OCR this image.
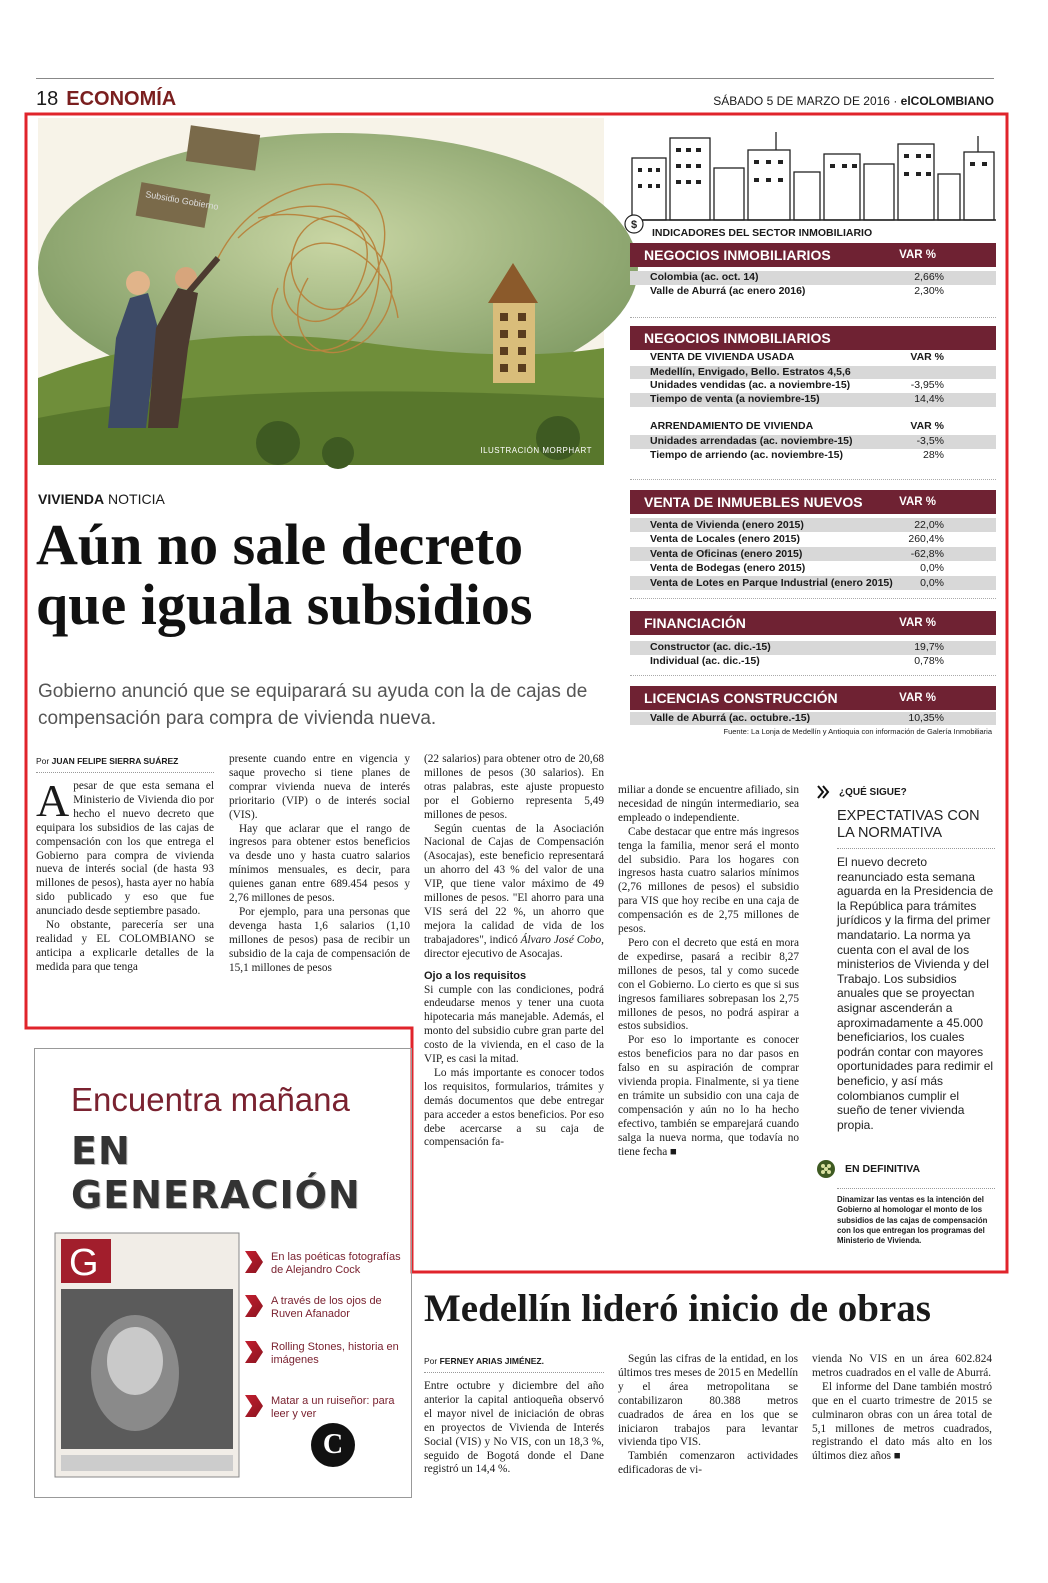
18 ECONOMÍA	SÁBADO 5 DE MARZO DE 2016 · elCOLOMBIANO
Subsidio Gobierno
ILUSTRACIÓN MORPHART
VIVIENDA NOTICIA
Aún no sale decreto que iguala subsidios
Gobierno anunció que se equiparará su ayuda con la de cajas de compensación para compra de vivienda nueva.
Por JUAN FELIPE SIERRA SUÁREZ

Apesar de que esta semana el Ministerio de Vivienda dio por hecho el nuevo decreto que equipara los subsidios de las cajas de compensación con los que entrega el Gobierno para compra de vivienda nueva de interés social (de hasta 93 millones de pesos), hasta ayer no había sido publicado y eso que fue anunciado desde septiembre pasado.

No obstante, parecería ser una realidad y EL COLOMBIANO se anticipa a explicarle detalles de la medida para que tenga

presente cuando entre en vigencia y saque provecho si tiene planes de comprar vivienda nueva de interés prioritario (VIP) o de interés social (VIS).

Hay que aclarar que el rango de ingresos para obtener estos beneficios va desde uno y hasta cuatro salarios mínimos mensuales, es decir, para quienes ganan entre 689.454 pesos y 2,76 millones de pesos.

Por ejemplo, para una personas que devenga hasta 1,6 salarios (1,10 millones de pesos) pasa de recibir un subsidio de la caja de compensación de 15,1 millones de pesos

(22 salarios) para obtener otro de 20,68 millones de pesos (30 salarios). En otras palabras, este ajuste propuesto por el Gobierno representa 5,49 millones de pesos.

Según cuentas de la Asociación Nacional de Cajas de Compensación (Asocajas), este beneficio representará un ahorro del 43 % del valor de una VIP, que tiene valor máximo de 49 millones de pesos. "El ahorro para una VIS será del 22 %, un ahorro que mejora la calidad de vida de los trabajadores", indicó Álvaro José Cobo, director ejecutivo de Asocajas.

Ojo a los requisitos

Si cumple con las condiciones, podrá endeudarse menos y tener una cuota hipotecaria más manejable. Además, el monto del subsidio cubre gran parte del costo de la vivienda, en el caso de la VIP, es casi la mitad.

Lo más importante es conocer todos los requisitos, formularios, trámites y demás documentos que debe entregar para acceder a estos beneficios. Por eso debe acercarse a su caja de compensación fa-

miliar a donde se encuentre afiliado, sin necesidad de ningún intermediario, sea empleado o independiente.

Cabe destacar que entre más ingresos tenga la familia, menor será el monto del subsidio. Para los hogares con ingresos hasta cuatro salarios mínimos (2,76 millones de pesos) el subsidio para VIS que hoy recibe en una caja de compensación es de 2,75 millones de pesos.

Pero con el decreto que está en mora de expedirse, pasará a recibir 8,27 millones de pesos, tal y como sucede con el Gobierno. Lo cierto es que si sus ingresos familiares sobrepasan los 2,75 millones de pesos, no podrá aspirar a estos subsidios.

Por eso lo importante es conocer estos beneficios para no dar pasos en falso en su aspiración de comprar vivienda propia. Finalmente, si ya tiene en trámite un subsidio con una caja de compensación y aún no lo ha hecho efectivo, también se emparejará cuando salga la nueva norma, que todavía no tiene fecha ■

$
INDICADORES DEL SECTOR INMOBILIARIO
NEGOCIOS INMOBILIARIOS	VAR %
Colombia (ac. oct. 14)	2,66%
Valle de Aburrá (ac enero 2016)	2,30%
NEGOCIOS INMOBILIARIOS
VENTA DE VIVIENDA USADA	VAR %
Medellín, Envigado, Bello. Estratos 4,5,6
Unidades vendidas (ac. a noviembre-15)	-3,95%
Tiempo de venta (a noviembre-15)	14,4%
ARRENDAMIENTO DE VIVIENDA	VAR %
Unidades arrendadas (ac. noviembre-15)	-3,5%
Tiempo de arriendo (ac. noviembre-15)	28%
VENTA DE INMUEBLES NUEVOS	VAR %
Venta de Vivienda (enero 2015)	22,0%
Venta de Locales (enero 2015)	260,4%
Venta de Oficinas (enero 2015)	-62,8%
Venta de Bodegas (enero 2015)	0,0%
Venta de Lotes en Parque Industrial (enero 2015)	0,0%
FINANCIACIÓN	VAR %
Constructor (ac. dic.-15)	19,7%
Individual (ac. dic.-15)	0,78%
LICENCIAS CONSTRUCCIÓN	VAR %
Valle de Aburrá (ac. octubre.-15)	10,35%
Fuente: La Lonja de Medellín y Antioquia con información de Galería Inmobiliaria
¿QUÉ SIGUE?
EXPECTATIVAS CON LA NORMATIVA
El nuevo decreto reanunciado esta semana aguarda en la Presidencia de la República para trámites jurídicos y la firma del primer mandatario. La norma ya cuenta con el aval de los ministerios de Vivienda y del Trabajo. Los subsidios anuales que se proyectan asignar ascenderán a aproximadamente a 45.000 beneficiarios, los cuales podrán contar con mayores oportunidades para redimir el beneficio, y así más colombianos cumplir el sueño de tener vivienda propia.
EN DEFINITIVA
Dinamizar las ventas es la intención del Gobierno al homologar el monto de los subsidios de las cajas de compensación con los que entregan los programas del Ministerio de Vivienda.
Encuentra mañana
EN GENERACIÓN
G	En las poéticas fotografías de Alejandro Cock
A través de los ojos de Ruven Afanador
Rolling Stones, historia en imágenes
Matar a un ruiseñor: para leer y ver
C
Medellín lideró inicio de obras
Por FERNEY ARIAS JIMÉNEZ.

Entre octubre y diciembre del año anterior la capital antioqueña observó el mayor nivel de iniciación de obras en proyectos de Vivienda de Interés Social (VIS) y No VIS, con un 18,3 %, seguido de Bogotá donde el Dane registró un 14,4 %.

Según las cifras de la entidad, en los últimos tres meses de 2015 en Medellín y el área metropolitana se contabilizaron 80.388 metros cuadrados de área en los que se iniciaron trabajos para levantar vivienda tipo VIS.

También comenzaron actividades edificadoras de vi-

vienda No VIS en un área 602.824 metros cuadrados en el valle de Aburrá.

El informe del Dane también mostró que en el cuarto trimestre de 2015 se culminaron obras con un área total de 5,1 millones de metros cuadrados, registrando el dato más alto en los últimos diez años ■
